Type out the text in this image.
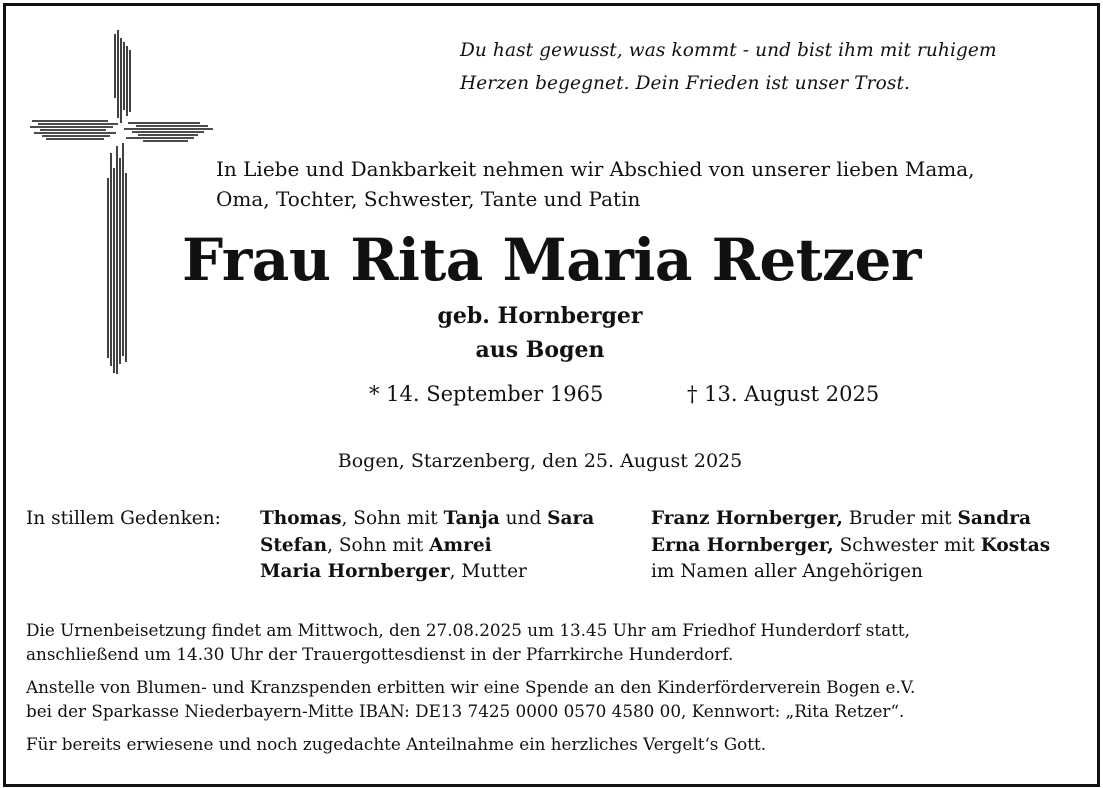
Du hast gewusst, was kommt - und bist ihm mit ruhigem
Herzen begegnet. Dein Frieden ist unser Trost.
In Liebe und Dankbarkeit nehmen wir Abschied von unserer lieben Mama,
Oma, Tochter, Schwester, Tante und Patin
Frau Rita Maria Retzer
geb. Hornberger
aus Bogen
* 14. September 1965	† 13. August 2025
Bogen, Starzenberg, den 25. August 2025
In stillem Gedenken: Thomas, Sohn mit Tanja und Sara
Stefan, Sohn mit Amrei
Maria Hornberger, Mutter
Franz Hornberger, Bruder mit Sandra
Erna Hornberger, Schwester mit Kostas
im Namen aller Angehörigen
Die Urnenbeisetzung findet am Mittwoch, den 27.08.2025 um 13.45 Uhr am Friedhof Hunderdorf statt,
anschließend um 14.30 Uhr der Trauergottesdienst in der Pfarrkirche Hunderdorf.
Anstelle von Blumen- und Kranzspenden erbitten wir eine Spende an den Kinderförderverein Bogen e.V.
bei der Sparkasse Niederbayern-Mitte IBAN: DE13 7425 0000 0570 4580 00, Kennwort: „Rita Retzer“.
Für bereits erwiesene und noch zugedachte Anteilnahme ein herzliches Vergelt‘s Gott.
